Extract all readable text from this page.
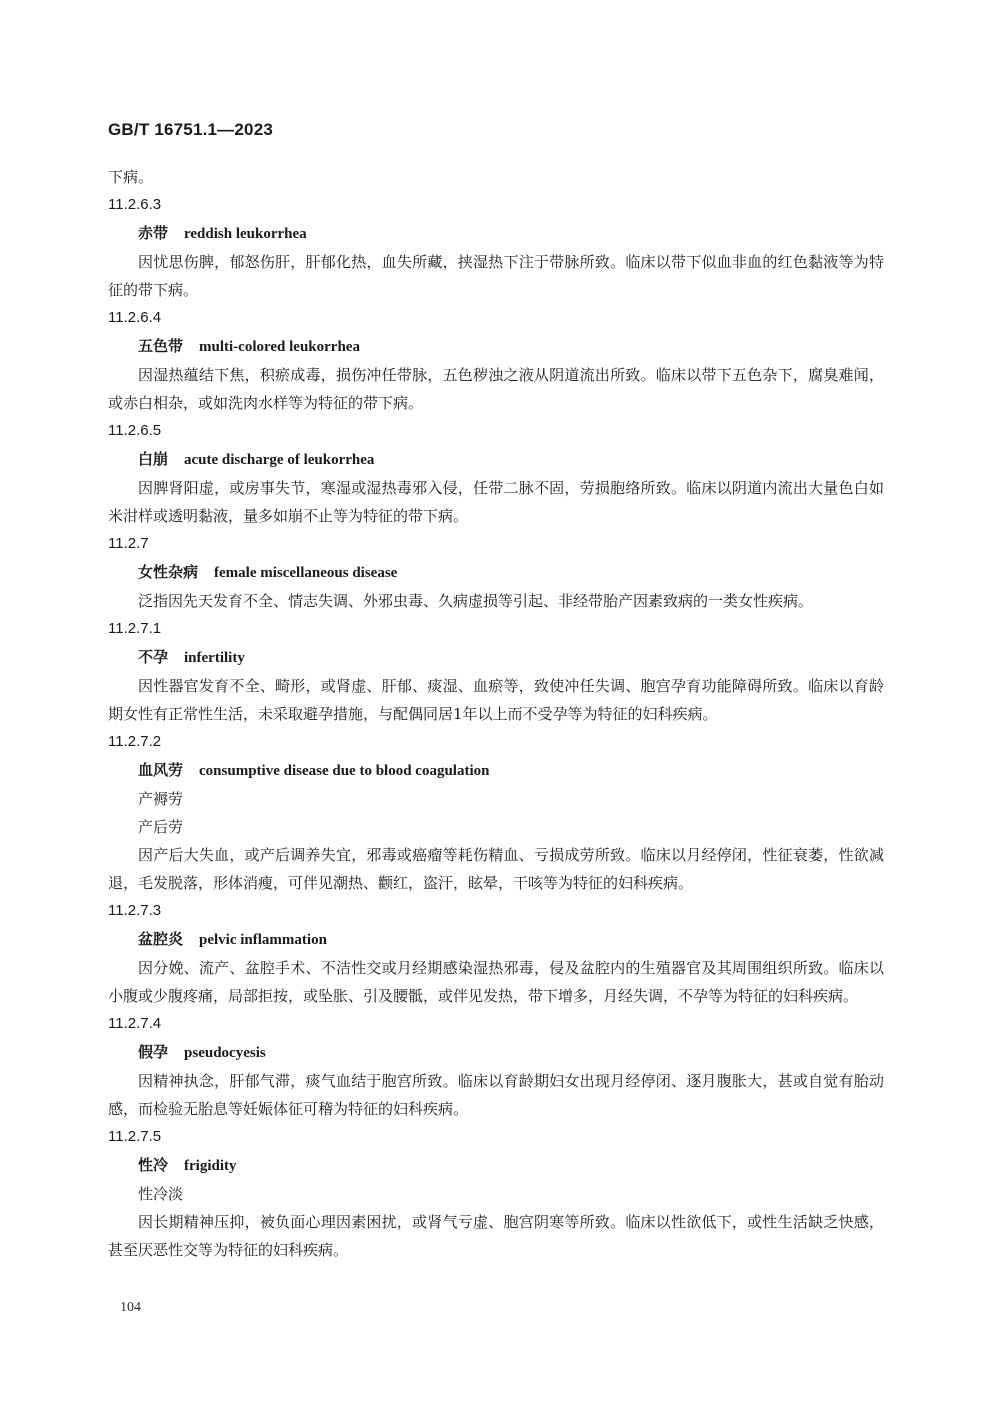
GB/T 16751.1—2023

下病。

11.2.6.3

赤带 reddish leukorrhea

因忧思伤脾，郁怒伤肝，肝郁化热，血失所藏，挟湿热下注于带脉所致。临床以带下似血非血的红色黏液等为特征的带下病。

11.2.6.4

五色带 multi-colored leukorrhea

因湿热蕴结下焦，积瘀成毒，损伤冲任带脉，五色秽浊之液从阴道流出所致。临床以带下五色杂下，腐臭难闻，或赤白相杂，或如洗肉水样等为特征的带下病。

11.2.6.5

白崩 acute discharge of leukorrhea

因脾肾阳虚，或房事失节，寒湿或湿热毒邪入侵，任带二脉不固，劳损胞络所致。临床以阴道内流出大量色白如米泔样或透明黏液，量多如崩不止等为特征的带下病。

11.2.7

女性杂病 female miscellaneous disease

泛指因先天发育不全、情志失调、外邪虫毒、久病虚损等引起、非经带胎产因素致病的一类女性疾病。

11.2.7.1

不孕 infertility

因性器官发育不全、畸形，或肾虚、肝郁、痰湿、血瘀等，致使冲任失调、胞宫孕育功能障碍所致。临床以育龄期女性有正常性生活，未采取避孕措施，与配偶同居1年以上而不受孕等为特征的妇科疾病。

11.2.7.2

血风劳 consumptive disease due to blood coagulation

产褥劳

产后劳

因产后大失血，或产后调养失宜，邪毒或癌瘤等耗伤精血、亏损成劳所致。临床以月经停闭，性征衰萎，性欲减退，毛发脱落，形体消瘦，可伴见潮热、颧红，盗汗，眩晕，干咳等为特征的妇科疾病。

11.2.7.3

盆腔炎 pelvic inflammation

因分娩、流产、盆腔手术、不洁性交或月经期感染湿热邪毒，侵及盆腔内的生殖器官及其周围组织所致。临床以小腹或少腹疼痛，局部拒按，或坠胀、引及腰骶，或伴见发热，带下增多，月经失调，不孕等为特征的妇科疾病。

11.2.7.4

假孕 pseudocyesis

因精神执念，肝郁气滞，痰气血结于胞宫所致。临床以育龄期妇女出现月经停闭、逐月腹胀大，甚或自觉有胎动感，而检验无胎息等妊娠体征可稽为特征的妇科疾病。

11.2.7.5

性冷 frigidity

性冷淡

因长期精神压抑，被负面心理因素困扰，或肾气亏虚、胞宫阴寒等所致。临床以性欲低下，或性生活缺乏快感，甚至厌恶性交等为特征的妇科疾病。

104
